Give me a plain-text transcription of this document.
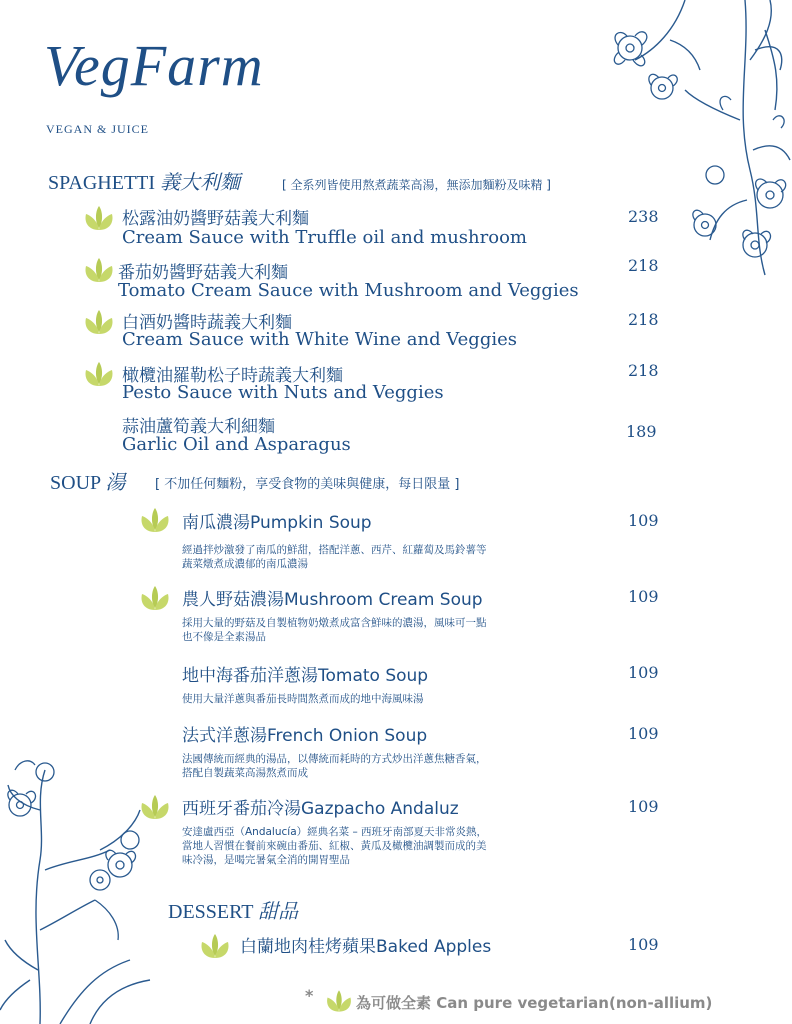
VegFarm
VEGAN & JUICE
SPAGHETTI 義大利麵	[ 全系列皆使用熬煮蔬菜高湯，無添加麵粉及味精 ]
松露油奶醬野菇義大利麵
Cream Sauce with Truffle oil and mushroom
238
番茄奶醬野菇義大利麵
Tomato Cream Sauce with Mushroom and Veggies
218
白酒奶醬時蔬義大利麵
Cream Sauce with White Wine and Veggies
218
橄欖油羅勒松子時蔬義大利麵
Pesto Sauce with Nuts and Veggies
218
蒜油蘆筍義大利細麵
Garlic Oil and Asparagus
189
SOUP 湯 [ 不加任何麵粉，享受食物的美味與健康，每日限量 ]
南瓜濃湯Pumpkin Soup	109
經過拌炒激發了南瓜的鮮甜，搭配洋蔥、西芹、紅蘿蔔及馬鈴薯等
蔬菜燉煮成濃郁的南瓜濃湯
農人野菇濃湯Mushroom Cream Soup	109
採用大量的野菇及自製植物奶燉煮成富含鮮味的濃湯，風味可一點
也不像是全素湯品
地中海番茄洋蔥湯Tomato Soup	109
使用大量洋蔥與番茄長時間熬煮而成的地中海風味湯
法式洋蔥湯French Onion Soup	109
法國傳統而經典的湯品，以傳統而耗時的方式炒出洋蔥焦糖香氣，
搭配自製蔬菜高湯熬煮而成
西班牙番茄冷湯Gazpacho Andaluz	109
安達盧西亞（Andalucía）經典名菜 – 西班牙南部夏天非常炎熱，
當地人習慣在餐前來碗由番茄、紅椒、黃瓜及橄欖油調製而成的美
味冷湯，是喝完暑氣全消的開胃聖品
DESSERT 甜品
白蘭地肉桂烤蘋果Baked Apples	109
*	為可做全素 Can pure vegetarian(non-allium)
